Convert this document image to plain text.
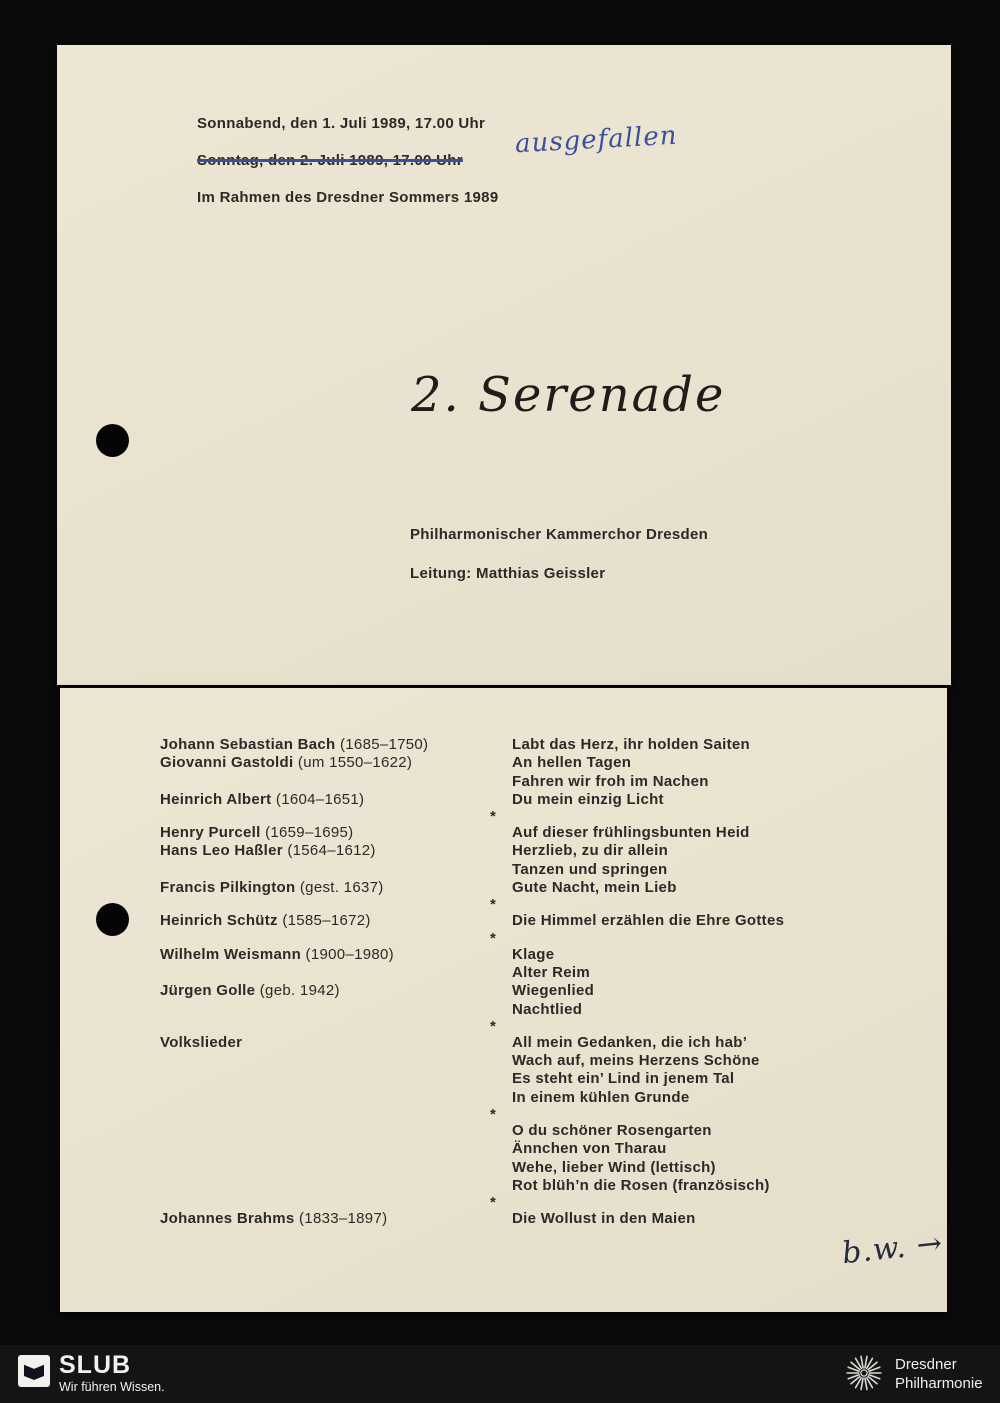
Sonnabend, den 1. Juli 1989, 17.00 Uhr
Sonntag, den 2. Juli 1989, 17.00 Uhr
Im Rahmen des Dresdner Sommers 1989
ausgefallen
2. Serenade
Philharmonischer Kammerchor Dresden
Leitung: Matthias Geissler
Johann Sebastian Bach (1685–1750)	Labt das Herz, ihr holden Saiten
Giovanni Gastoldi (um 1550–1622)	An hellen Tagen
Fahren wir froh im Nachen
Heinrich Albert (1604–1651)	Du mein einzig Licht
*
Henry Purcell (1659–1695)	Auf dieser frühlingsbunten Heid
Hans Leo Haßler (1564–1612)	Herzlieb, zu dir allein
Tanzen und springen
Francis Pilkington (gest. 1637)	Gute Nacht, mein Lieb
*
Heinrich Schütz (1585–1672)	Die Himmel erzählen die Ehre Gottes
*
Wilhelm Weismann (1900–1980)	Klage
Alter Reim
Jürgen Golle (geb. 1942)	Wiegenlied
Nachtlied
*
Volkslieder	All mein Gedanken, die ich hab’
Wach auf, meins Herzens Schöne
Es steht ein’ Lind in jenem Tal
In einem kühlen Grunde
*
O du schöner Rosengarten
Ännchen von Tharau
Wehe, lieber Wind (lettisch)
Rot blüh’n die Rosen (französisch)
*
Johannes Brahms (1833–1897)	Die Wollust in den Maien
b.w. →
SLUB
Wir führen Wissen.
Dresdner
Philharmonie
